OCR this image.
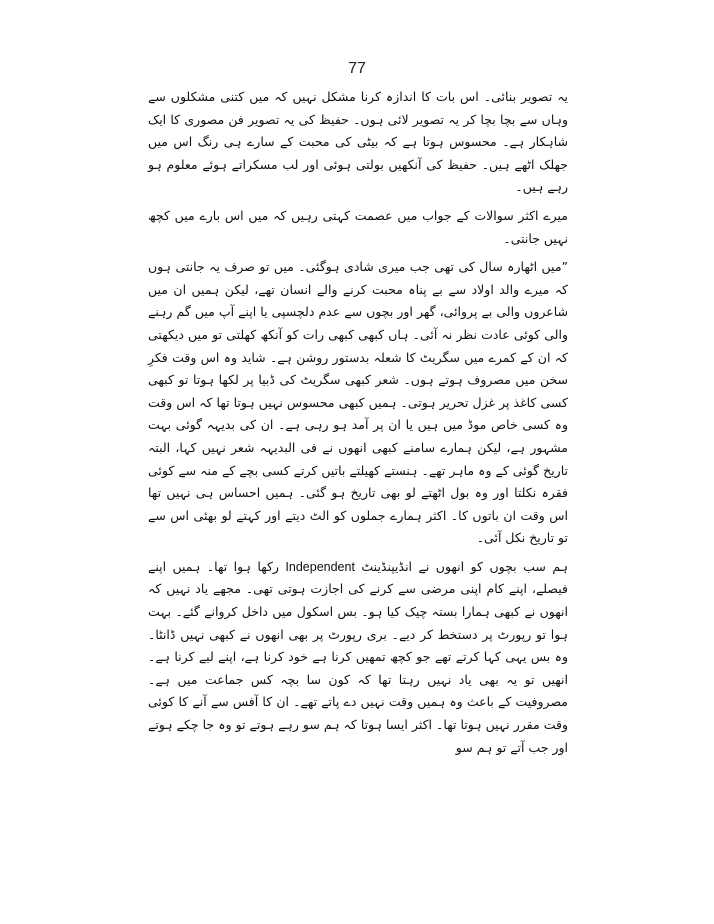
77

یہ تصویر بنائی۔ اس بات کا اندازہ کرنا مشکل نہیں کہ میں کتنی مشکلوں سے وہاں سے بچا بچا کر یہ تصویر لائی ہوں۔ حفیظ کی یہ تصویر فن مصوری کا ایک شاہکار ہے۔ محسوس ہوتا ہے کہ بیٹی کی محبت کے سارے ہی رنگ اس میں جھلک اٹھے ہیں۔ حفیظ کی آنکھیں بولتی ہوئی اور لب مسکراتے ہوئے معلوم ہو رہے ہیں۔

میرے اکثر سوالات کے جواب میں عصمت کہتی رہیں کہ میں اس بارے میں کچھ نہیں جانتی۔

”میں اٹھارہ سال کی تھی جب میری شادی ہوگئی۔ میں تو صرف یہ جانتی ہوں کہ میرے والد اولاد سے بے پناہ محبت کرنے والے انسان تھے، لیکن ہمیں ان میں شاعروں والی بے پروائی، گھر اور بچوں سے عدم دلچسپی یا اپنے آپ میں گم رہنے والی کوئی عادت نظر نہ آئی۔ ہاں کبھی کبھی رات کو آنکھ کھلتی تو میں دیکھتی کہ ان کے کمرے میں سگریٹ کا شعلہ بدستور روشن ہے۔ شاید وہ اس وقت فکرِ سخن میں مصروف ہوتے ہوں۔ شعر کبھی سگریٹ کی ڈبیا پر لکھا ہوتا تو کبھی کسی کاغذ پر غزل تحریر ہوتی۔ ہمیں کبھی محسوس نہیں ہوتا تھا کہ اس وقت وہ کسی خاص موڈ میں ہیں یا ان پر آمد ہو رہی ہے۔ ان کی بدیہہ گوئی بہت مشہور ہے، لیکن ہمارے سامنے کبھی انھوں نے فی البدیہہ شعر نہیں کہا، البتہ تاریخ گوئی کے وہ ماہر تھے۔ ہنستے کھیلتے باتیں کرتے کسی بچے کے منہ سے کوئی فقرہ نکلتا اور وہ بول اٹھتے لو بھی تاریخ ہو گئی۔ ہمیں احساس ہی نہیں تھا اس وقت ان باتوں کا۔ اکثر ہمارے جملوں کو الٹ دیتے اور کہتے لو بھئی اس سے تو تاریخ نکل آئی۔

ہم سب بچوں کو انھوں نے انڈیپنڈینٹ Independent رکھا ہوا تھا۔ ہمیں اپنے فیصلے، اپنے کام اپنی مرضی سے کرنے کی اجازت ہوتی تھی۔ مجھے یاد نہیں کہ انھوں نے کبھی ہمارا بستہ چیک کیا ہو۔ بس اسکول میں داخل کروانے گئے۔ بہت ہوا تو رپورٹ پر دستخط کر دیے۔ بری رپورٹ پر بھی انھوں نے کبھی نہیں ڈانٹا۔ وہ بس یہی کہا کرتے تھے جو کچھ تمھیں کرنا ہے خود کرنا ہے، اپنے لیے کرنا ہے۔ انھیں تو یہ بھی یاد نہیں رہتا تھا کہ کون سا بچہ کس جماعت میں ہے۔ مصروفیت کے باعث وہ ہمیں وقت نہیں دے پاتے تھے۔ ان کا آفس سے آنے کا کوئی وقت مقرر نہیں ہوتا تھا۔ اکثر ایسا ہوتا کہ ہم سو رہے ہوتے تو وہ جا چکے ہوتے اور جب آتے تو ہم سو
